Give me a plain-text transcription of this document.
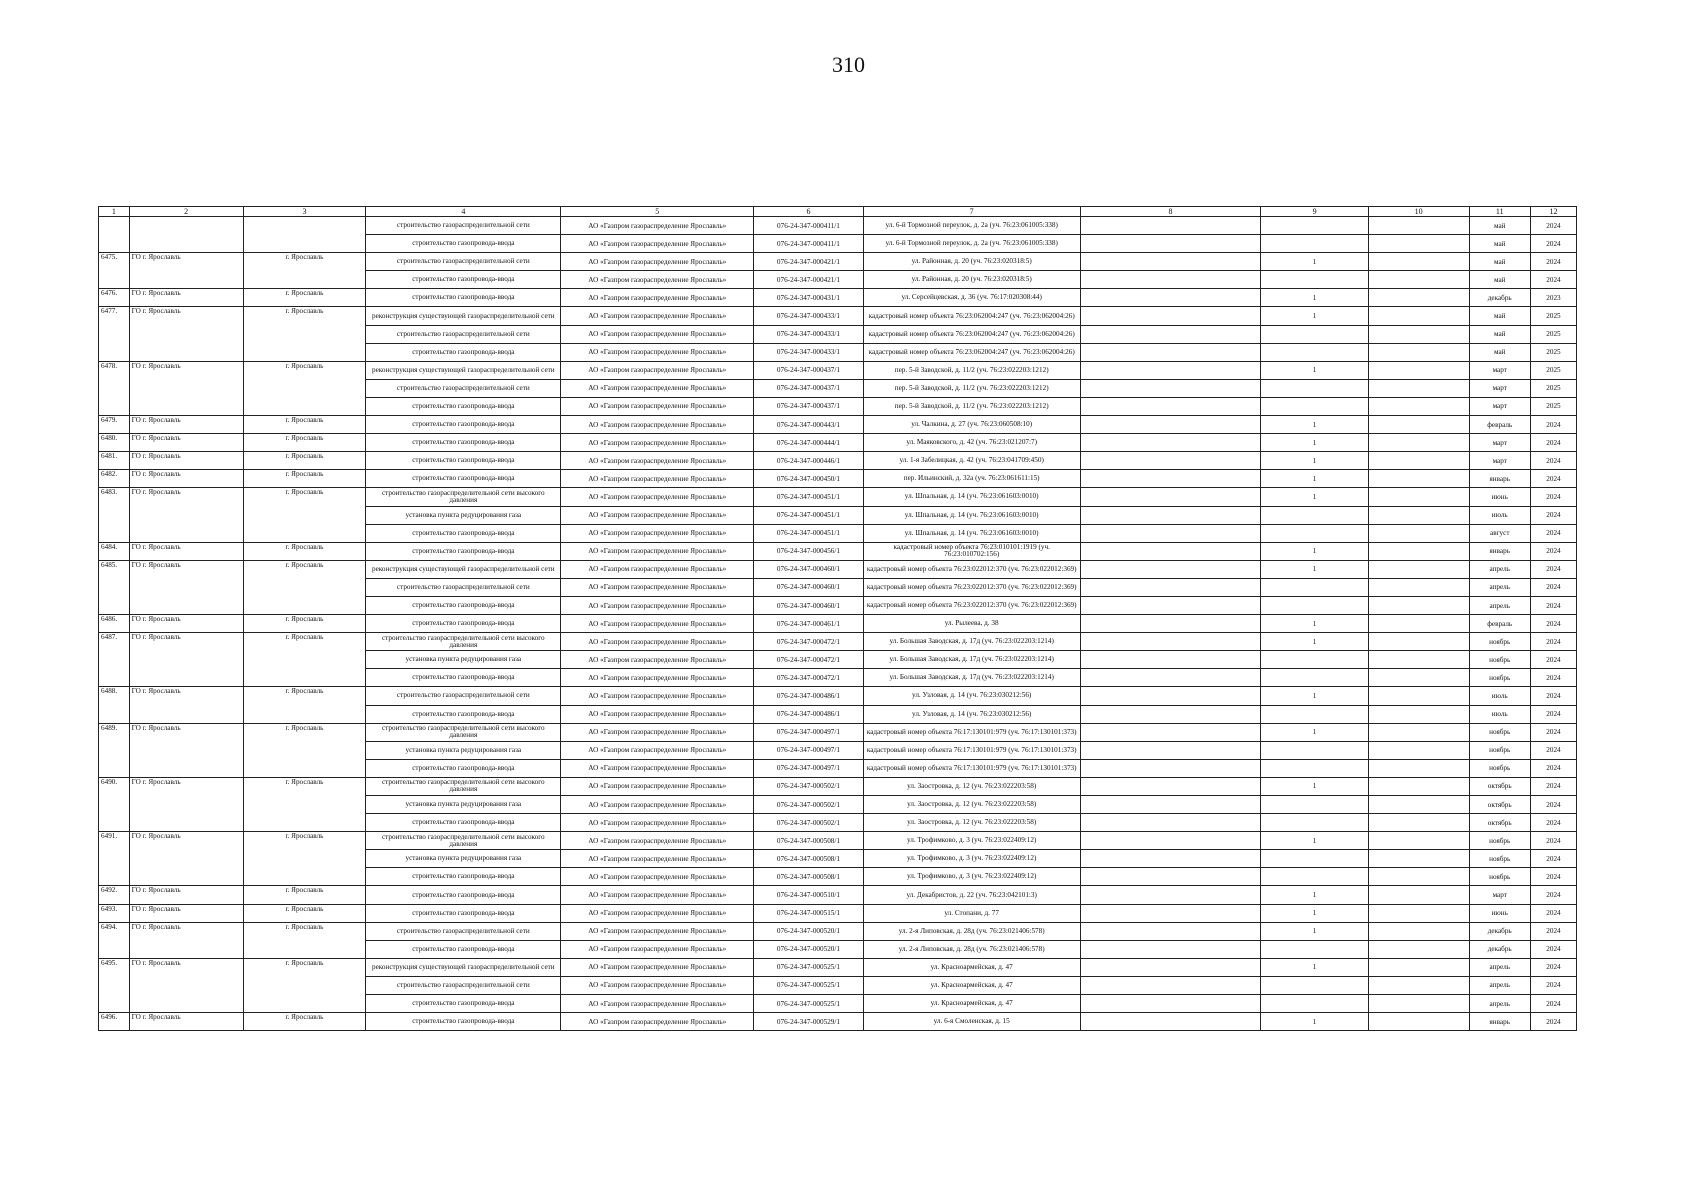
310
1	2	3	4	5	6	7	8	9	10	11	12
			строительство газораспределительной сети	АО «Газпром газораспределение Ярославль»	076-24-347-000411/1	ул. 6-й Тормозной переулок, д. 2а (уч. 76:23:061005:338)				май	2024
			строительство газопровода-ввода	АО «Газпром газораспределение Ярославль»	076-24-347-000411/1	ул. 6-й Тормозной переулок, д. 2а (уч. 76:23:061005:338)				май	2024
6475.	ГО г. Ярославль	г. Ярославль	строительство газораспределительной сети	АО «Газпром газораспределение Ярославль»	076-24-347-000421/1	ул. Районная, д. 20 (уч. 76:23:020318:5)		1		май	2024
			строительство газопровода-ввода	АО «Газпром газораспределение Ярославль»	076-24-347-000421/1	ул. Районная, д. 20 (уч. 76:23:020318:5)				май	2024
6476.	ГО г. Ярославль	г. Ярославль	строительство газопровода-ввода	АО «Газпром газораспределение Ярославль»	076-24-347-000431/1	ул. Серсейцевская, д. 36 (уч. 76:17:020308:44)		1		декабрь	2023
6477.	ГО г. Ярославль	г. Ярославль	реконструкция существующей газораспределительной сети	АО «Газпром газораспределение Ярославль»	076-24-347-000433/1	кадастровый номер объекта 76:23:062004:247 (уч. 76:23:062004:26)		1		май	2025
			строительство газораспределительной сети	АО «Газпром газораспределение Ярославль»	076-24-347-000433/1	кадастровый номер объекта 76:23:062004:247 (уч. 76:23:062004:26)				май	2025
			строительство газопровода-ввода	АО «Газпром газораспределение Ярославль»	076-24-347-000433/1	кадастровый номер объекта 76:23:062004:247 (уч. 76:23:062004:26)				май	2025
6478.	ГО г. Ярославль	г. Ярославль	реконструкция существующей газораспределительной сети	АО «Газпром газораспределение Ярославль»	076-24-347-000437/1	пер. 5-й Заводской, д. 11/2 (уч. 76:23:022203:1212)		1		март	2025
			строительство газораспределительной сети	АО «Газпром газораспределение Ярославль»	076-24-347-000437/1	пер. 5-й Заводской, д. 11/2 (уч. 76:23:022203:1212)				март	2025
			строительство газопровода-ввода	АО «Газпром газораспределение Ярославль»	076-24-347-000437/1	пер. 5-й Заводской, д. 11/2 (уч. 76:23:022203:1212)				март	2025
6479.	ГО г. Ярославль	г. Ярославль	строительство газопровода-ввода	АО «Газпром газораспределение Ярославль»	076-24-347-000443/1	ул. Чалкина, д. 27 (уч. 76:23:060508:10)		1		февраль	2024
6480.	ГО г. Ярославль	г. Ярославль	строительство газопровода-ввода	АО «Газпром газораспределение Ярославль»	076-24-347-000444/1	ул. Маяковского, д. 42 (уч. 76:23:021207:7)		1		март	2024
6481.	ГО г. Ярославль	г. Ярославль	строительство газопровода-ввода	АО «Газпром газораспределение Ярославль»	076-24-347-000446/1	ул. 1-я Забелицкая, д. 42 (уч. 76:23:041709:450)		1		март	2024
6482.	ГО г. Ярославль	г. Ярославль	строительство газопровода-ввода	АО «Газпром газораспределение Ярославль»	076-24-347-000450/1	пер. Ильинский, д. 32а (уч. 76:23:061611:15)		1		январь	2024
6483.	ГО г. Ярославль	г. Ярославль	строительство газораспределительной сети высокого давления	АО «Газпром газораспределение Ярославль»	076-24-347-000451/1	ул. Шпальная, д. 14 (уч. 76:23:061603:0010)		1		июнь	2024
			установка пункта редуцирования газа	АО «Газпром газораспределение Ярославль»	076-24-347-000451/1	ул. Шпальная, д. 14 (уч. 76:23:061603:0010)				июль	2024
			строительство газопровода-ввода	АО «Газпром газораспределение Ярославль»	076-24-347-000451/1	ул. Шпальная, д. 14 (уч. 76:23:061603:0010)				август	2024
6484.	ГО г. Ярославль	г. Ярославль	строительство газопровода-ввода	АО «Газпром газораспределение Ярославль»	076-24-347-000456/1	кадастровый номер объекта 76:23:010101:1919 (уч. 76:23:010702:156)		1		январь	2024
6485.	ГО г. Ярославль	г. Ярославль	реконструкция существующей газораспределительной сети	АО «Газпром газораспределение Ярославль»	076-24-347-000460/1	кадастровый номер объекта 76:23:022012:370 (уч. 76:23:022012:369)		1		апрель	2024
			строительство газораспределительной сети	АО «Газпром газораспределение Ярославль»	076-24-347-000460/1	кадастровый номер объекта 76:23:022012:370 (уч. 76:23:022012:369)				апрель	2024
			строительство газопровода-ввода	АО «Газпром газораспределение Ярославль»	076-24-347-000460/1	кадастровый номер объекта 76:23:022012:370 (уч. 76:23:022012:369)				апрель	2024
6486.	ГО г. Ярославль	г. Ярославль	строительство газопровода-ввода	АО «Газпром газораспределение Ярославль»	076-24-347-000461/1	ул. Рылеева, д. 38		1		февраль	2024
6487.	ГО г. Ярославль	г. Ярославль	строительство газораспределительной сети высокого давления	АО «Газпром газораспределение Ярославль»	076-24-347-000472/1	ул. Большая Заводская, д. 17д (уч. 76:23:022203:1214)		1		ноябрь	2024
			установка пункта редуцирования газа	АО «Газпром газораспределение Ярославль»	076-24-347-000472/1	ул. Большая Заводская, д. 17д (уч. 76:23:022203:1214)				ноябрь	2024
			строительство газопровода-ввода	АО «Газпром газораспределение Ярославль»	076-24-347-000472/1	ул. Большая Заводская, д. 17д (уч. 76:23:022203:1214)				ноябрь	2024
6488.	ГО г. Ярославль	г. Ярославль	строительство газораспределительной сети	АО «Газпром газораспределение Ярославль»	076-24-347-000486/1	ул. Узловая, д. 14 (уч. 76:23:030212:56)		1		июль	2024
			строительство газопровода-ввода	АО «Газпром газораспределение Ярославль»	076-24-347-000486/1	ул. Узловая, д. 14 (уч. 76:23:030212:56)				июль	2024
6489.	ГО г. Ярославль	г. Ярославль	строительство газораспределительной сети высокого давления	АО «Газпром газораспределение Ярославль»	076-24-347-000497/1	кадастровый номер объекта 76:17:130101:979 (уч. 76:17:130101:373)		1		ноябрь	2024
			установка пункта редуцирования газа	АО «Газпром газораспределение Ярославль»	076-24-347-000497/1	кадастровый номер объекта 76:17:130101:979 (уч. 76:17:130101:373)				ноябрь	2024
			строительство газопровода-ввода	АО «Газпром газораспределение Ярославль»	076-24-347-000497/1	кадастровый номер объекта 76:17:130101:979 (уч. 76:17:130101:373)				ноябрь	2024
6490.	ГО г. Ярославль	г. Ярославль	строительство газораспределительной сети высокого давления	АО «Газпром газораспределение Ярославль»	076-24-347-000502/1	ул. Заостровка, д. 12 (уч. 76:23:022203:58)		1		октябрь	2024
			установка пункта редуцирования газа	АО «Газпром газораспределение Ярославль»	076-24-347-000502/1	ул. Заостровка, д. 12 (уч. 76:23:022203:58)				октябрь	2024
			строительство газопровода-ввода	АО «Газпром газораспределение Ярославль»	076-24-347-000502/1	ул. Заостровка, д. 12 (уч. 76:23:022203:58)				октябрь	2024
6491.	ГО г. Ярославль	г. Ярославль	строительство газораспределительной сети высокого давления	АО «Газпром газораспределение Ярославль»	076-24-347-000508/1	ул. Трофимково, д. 3 (уч. 76:23:022409:12)		1		ноябрь	2024
			установка пункта редуцирования газа	АО «Газпром газораспределение Ярославль»	076-24-347-000508/1	ул. Трофимково, д. 3 (уч. 76:23:022409:12)				ноябрь	2024
			строительство газопровода-ввода	АО «Газпром газораспределение Ярославль»	076-24-347-000508/1	ул. Трофимково, д. 3 (уч. 76:23:022409:12)				ноябрь	2024
6492.	ГО г. Ярославль	г. Ярославль	строительство газопровода-ввода	АО «Газпром газораспределение Ярославль»	076-24-347-000510/1	ул. Декабристов, д. 22 (уч. 76:23:042101:3)		1		март	2024
6493.	ГО г. Ярославль	г. Ярославль	строительство газопровода-ввода	АО «Газпром газораспределение Ярославль»	076-24-347-000515/1	ул. Стопани, д. 77		1		июнь	2024
6494.	ГО г. Ярославль	г. Ярославль	строительство газораспределительной сети	АО «Газпром газораспределение Ярославль»	076-24-347-000520/1	ул. 2-я Липовская, д. 28д (уч. 76:23:021406:578)		1		декабрь	2024
			строительство газопровода-ввода	АО «Газпром газораспределение Ярославль»	076-24-347-000520/1	ул. 2-я Липовская, д. 28д (уч. 76:23:021406:578)				декабрь	2024
6495.	ГО г. Ярославль	г. Ярославль	реконструкция существующей газораспределительной сети	АО «Газпром газораспределение Ярославль»	076-24-347-000525/1	ул. Красноармейская, д. 47		1		апрель	2024
			строительство газораспределительной сети	АО «Газпром газораспределение Ярославль»	076-24-347-000525/1	ул. Красноармейская, д. 47				апрель	2024
			строительство газопровода-ввода	АО «Газпром газораспределение Ярославль»	076-24-347-000525/1	ул. Красноармейская, д. 47				апрель	2024
6496.	ГО г. Ярославль	г. Ярославль	строительство газопровода-ввода	АО «Газпром газораспределение Ярославль»	076-24-347-000529/1	ул. 6-я Смоленская, д. 15		1		январь	2024
